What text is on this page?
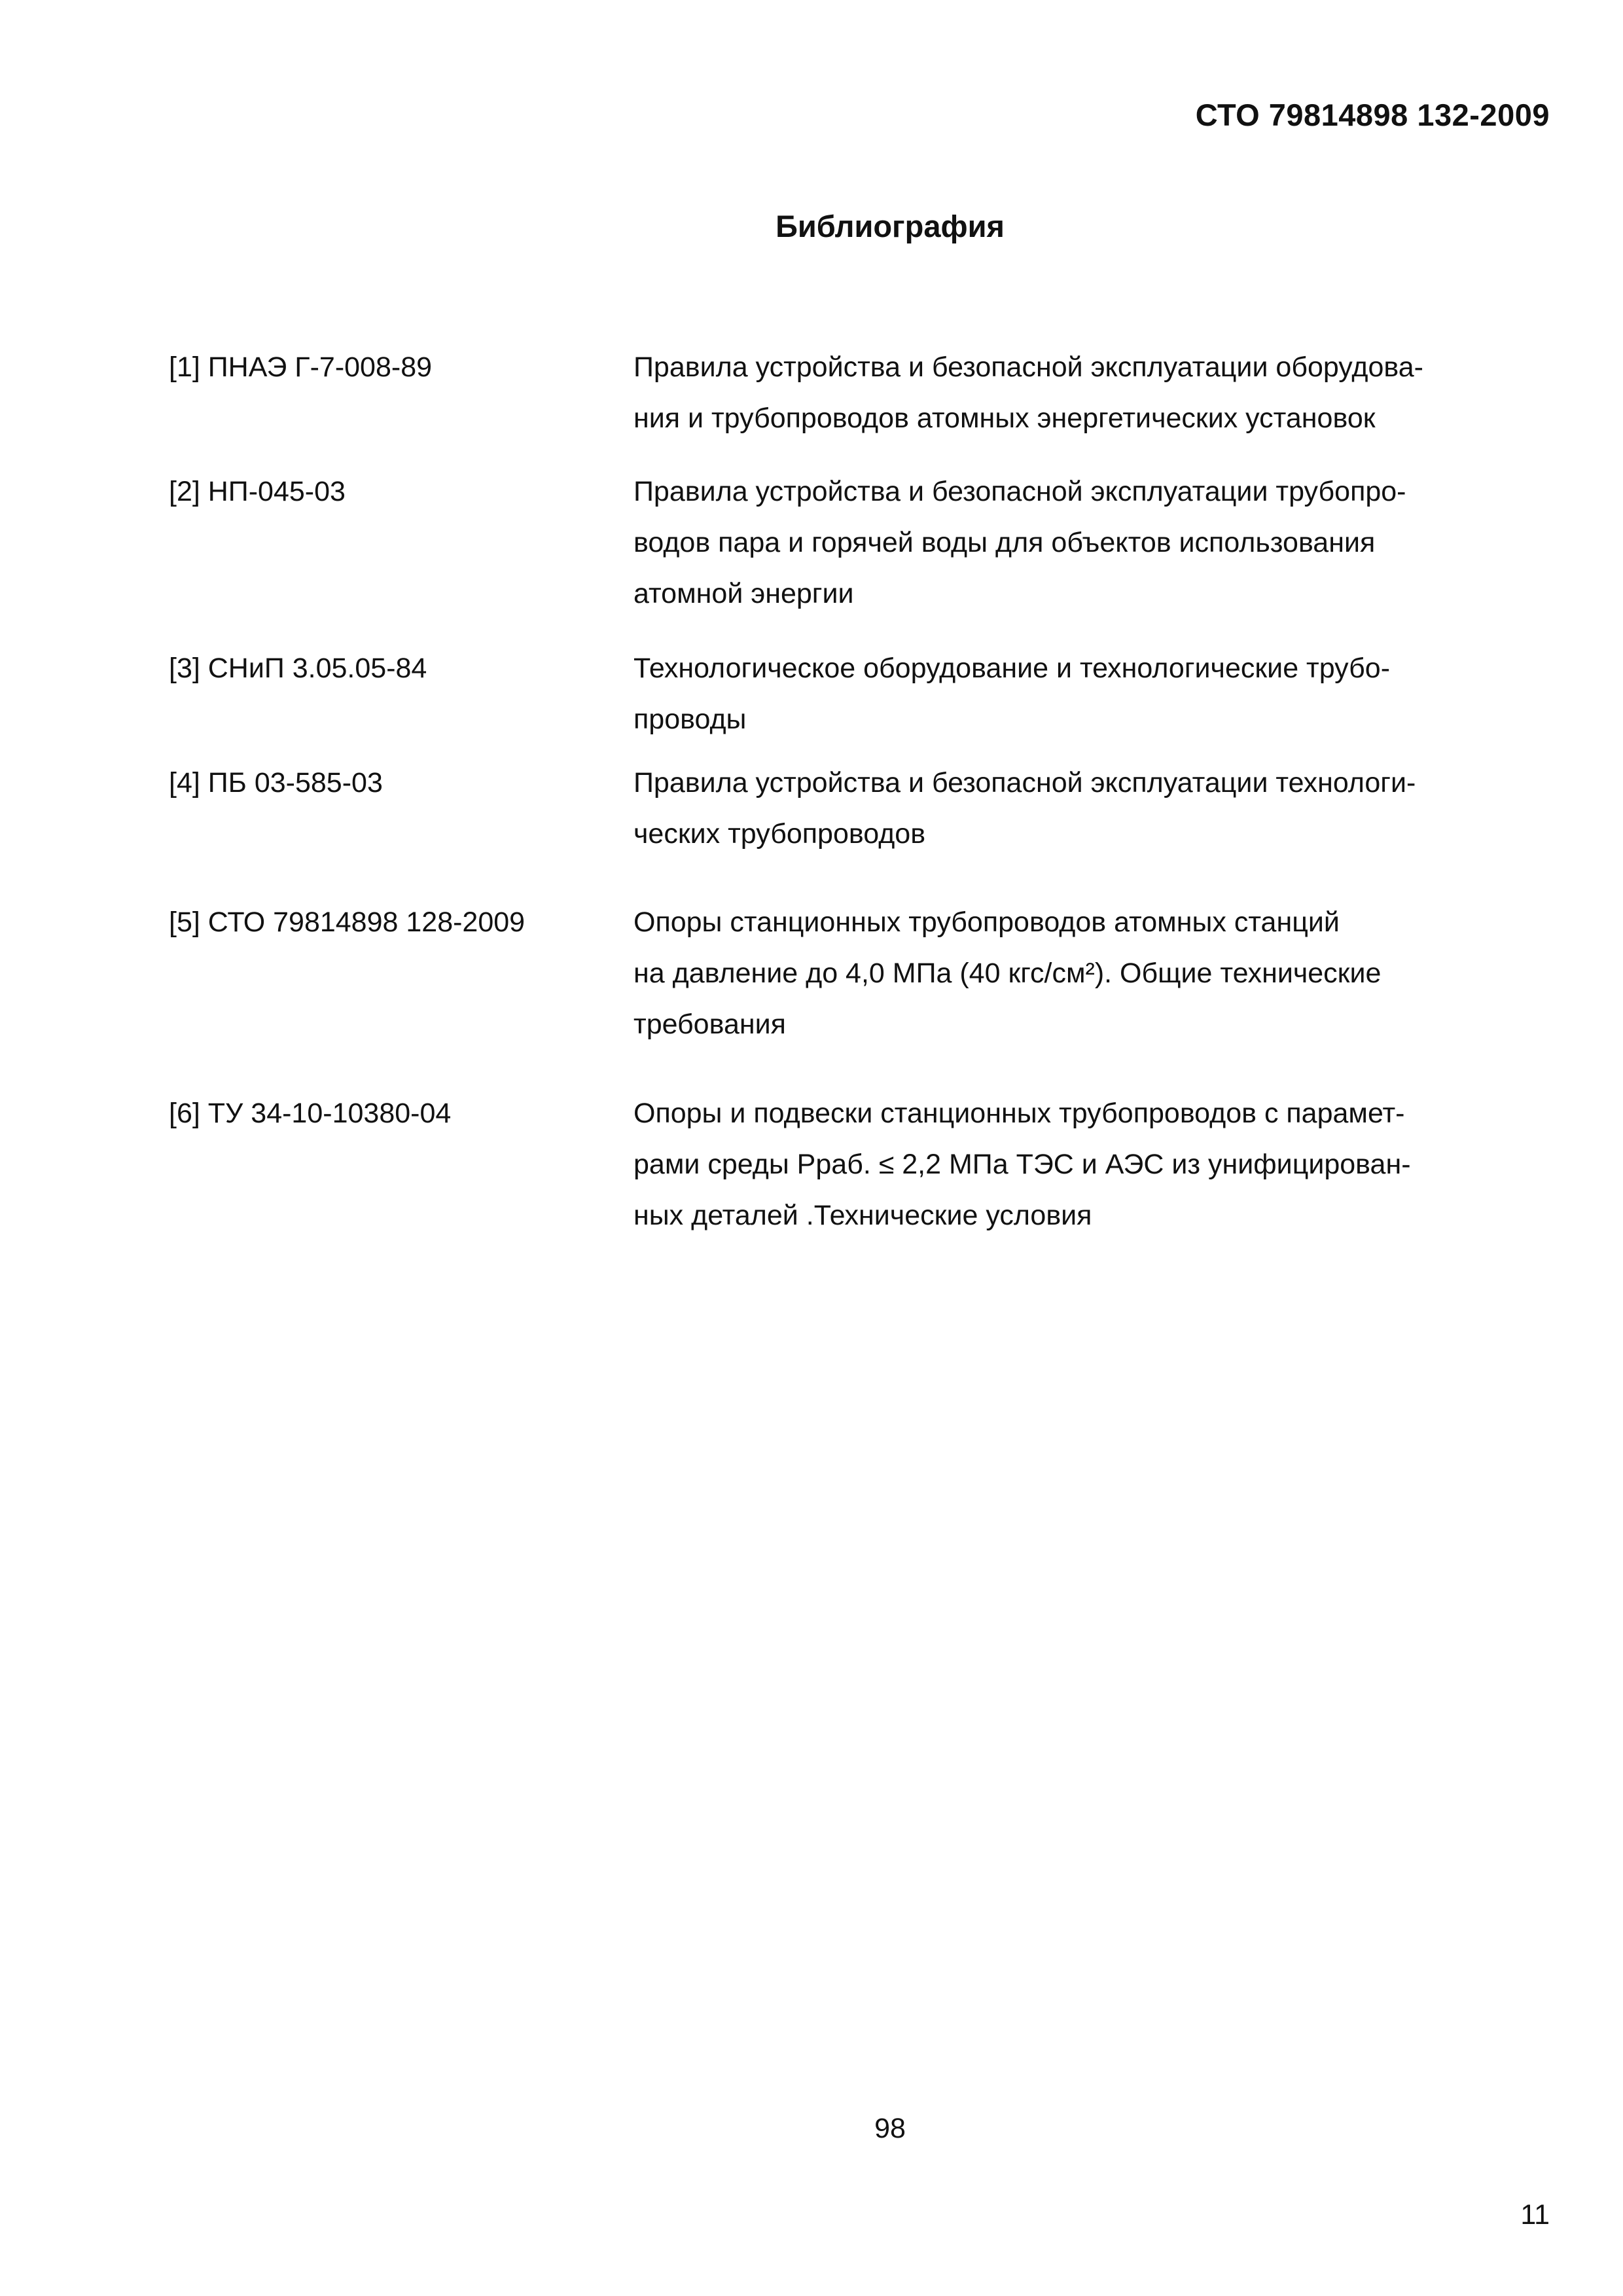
СТО 79814898 132-2009
Библиография
[1] ПНАЭ Г-7-008-89	Правила устройства и безопасной эксплуатации оборудова-
ния и трубопроводов атомных энергетических установок
[2] НП-045-03	Правила устройства и безопасной эксплуатации трубопро-
водов пара и горячей воды для объектов использования
атомной энергии
[3] СНиП 3.05.05-84	Технологическое оборудование и технологические трубо-
проводы
[4] ПБ 03-585-03	Правила устройства и безопасной эксплуатации технологи-
ческих трубопроводов
[5] СТО 79814898 128-2009	Опоры станционных трубопроводов атомных станций
на давление до 4,0 МПа (40 кгс/см²). Общие технические
требования
[6] ТУ 34-10-10380-04	Опоры и подвески станционных трубопроводов с парамет-
рами среды Рраб. ≤ 2,2 МПа ТЭС и АЭС из унифицирован-
ных деталей .Технические условия
98
11
